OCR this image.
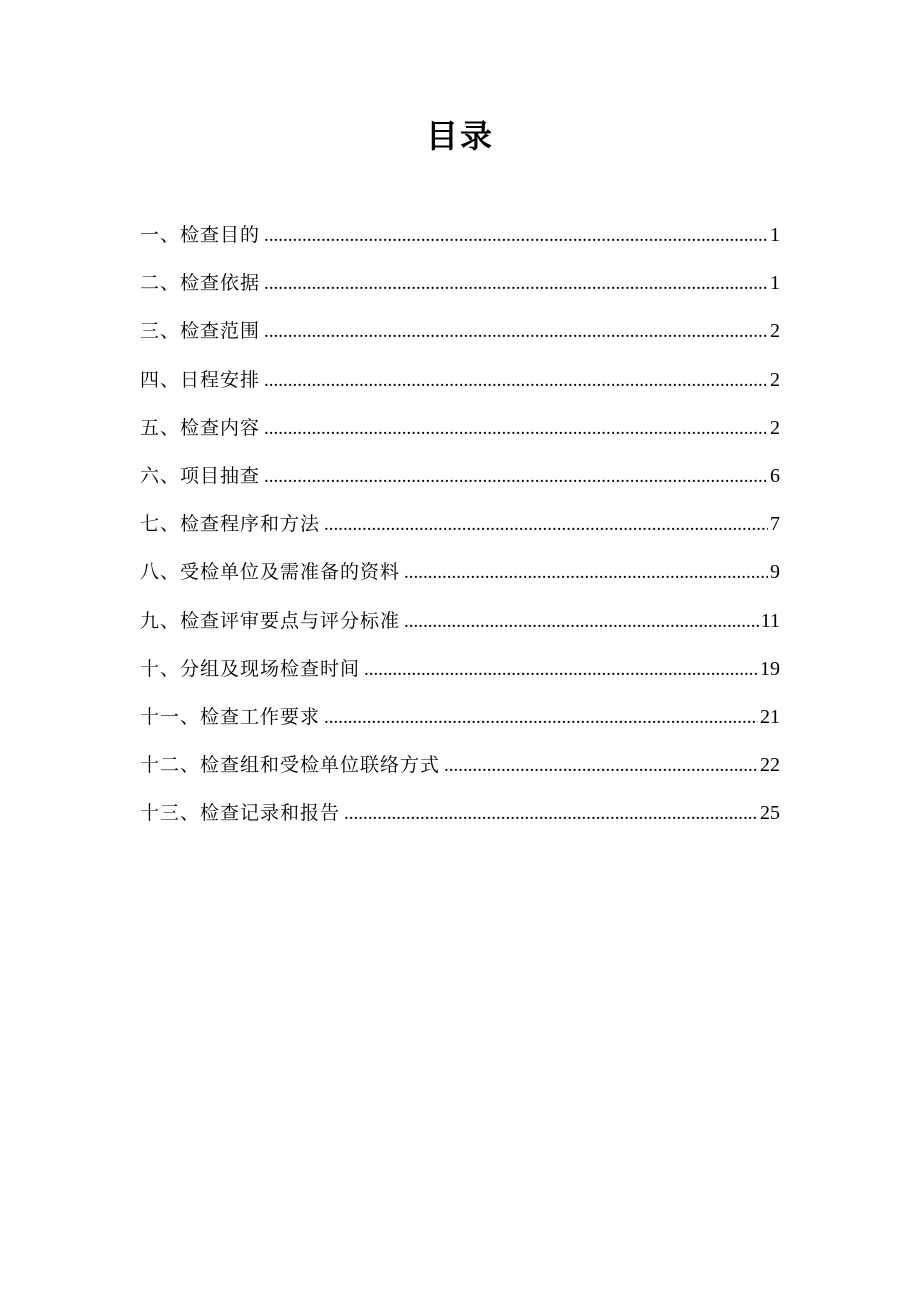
目录
一、检查目的 .....	1
二、检查依据 .....	1
三、检查范围 .....	2
四、日程安排 .....	2
五、检查内容 .....	2
六、项目抽查 .....	6
七、检查程序和方法 .....	7
八、受检单位及需准备的资料 .....	9
九、检查评审要点与评分标准 .....	11
十、分组及现场检查时间 .....	19
十一、检查工作要求 .....	21
十二、检查组和受检单位联络方式 .....	22
十三、检查记录和报告 .....	25
